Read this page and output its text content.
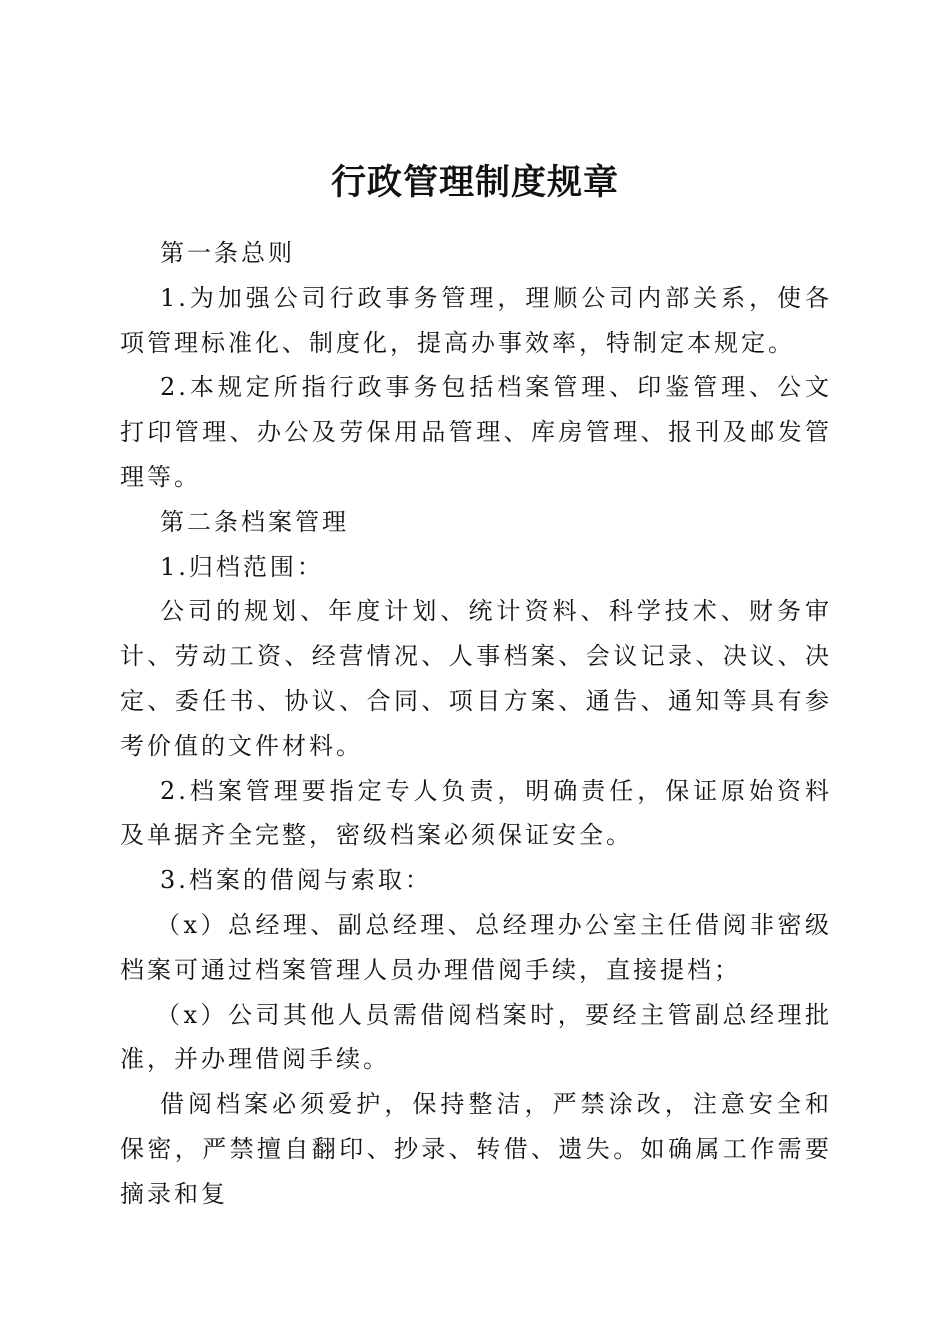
行政管理制度规章

第一条总则

1.为加强公司行政事务管理，理顺公司内部关系，使各项管理标准化、制度化，提高办事效率，特制定本规定。

2.本规定所指行政事务包括档案管理、印鉴管理、公文打印管理、办公及劳保用品管理、库房管理、报刊及邮发管理等。

第二条档案管理

1.归档范围：

公司的规划、年度计划、统计资料、科学技术、财务审计、劳动工资、经营情况、人事档案、会议记录、决议、决定、委任书、协议、合同、项目方案、通告、通知等具有参考价值的文件材料。

2.档案管理要指定专人负责，明确责任，保证原始资料及单据齐全完整，密级档案必须保证安全。

3.档案的借阅与索取：

（x）总经理、副总经理、总经理办公室主任借阅非密级档案可通过档案管理人员办理借阅手续，直接提档；

（x）公司其他人员需借阅档案时，要经主管副总经理批准，并办理借阅手续。

借阅档案必须爱护，保持整洁，严禁涂改，注意安全和保密，严禁擅自翻印、抄录、转借、遗失。如确属工作需要摘录和复
